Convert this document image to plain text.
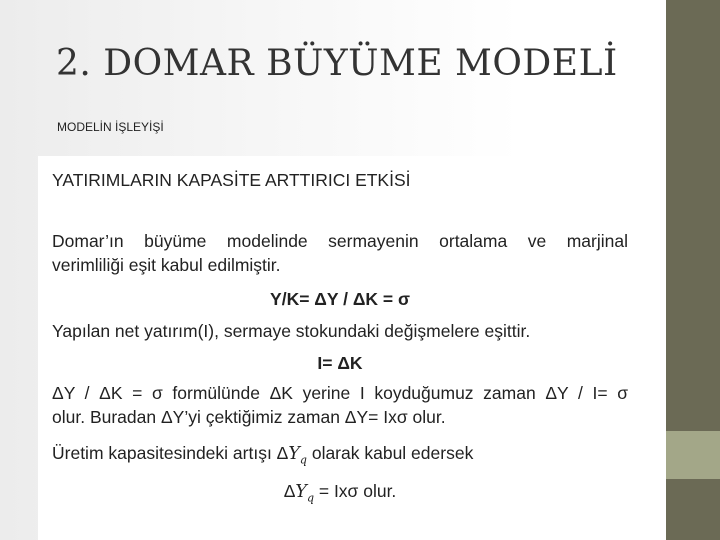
2. DOMAR BÜYÜME MODELİ
MODELİN İŞLEYİŞİ

YATIRIMLARIN KAPASİTE ARTTIRICI ETKİSİ

Domar’ın büyüme modelinde sermayenin ortalama ve marjinal

verimliliği eşit kabul edilmiştir.

Y/K= ΔY / ΔK = σ

Yapılan net yatırım(I), sermaye stokundaki değişmelere eşittir.

I= ΔK

ΔY / ΔK = σ formülünde ΔK yerine I koyduğumuz zaman ΔY / I= σ

olur. Buradan ΔY’yi çektiğimiz zaman ΔY= Ixσ olur.

Üretim kapasitesindeki artışı $\Delta Y_q$ olarak kabul edersek

$\Delta Y_q = Ix\sigma$ olur.
